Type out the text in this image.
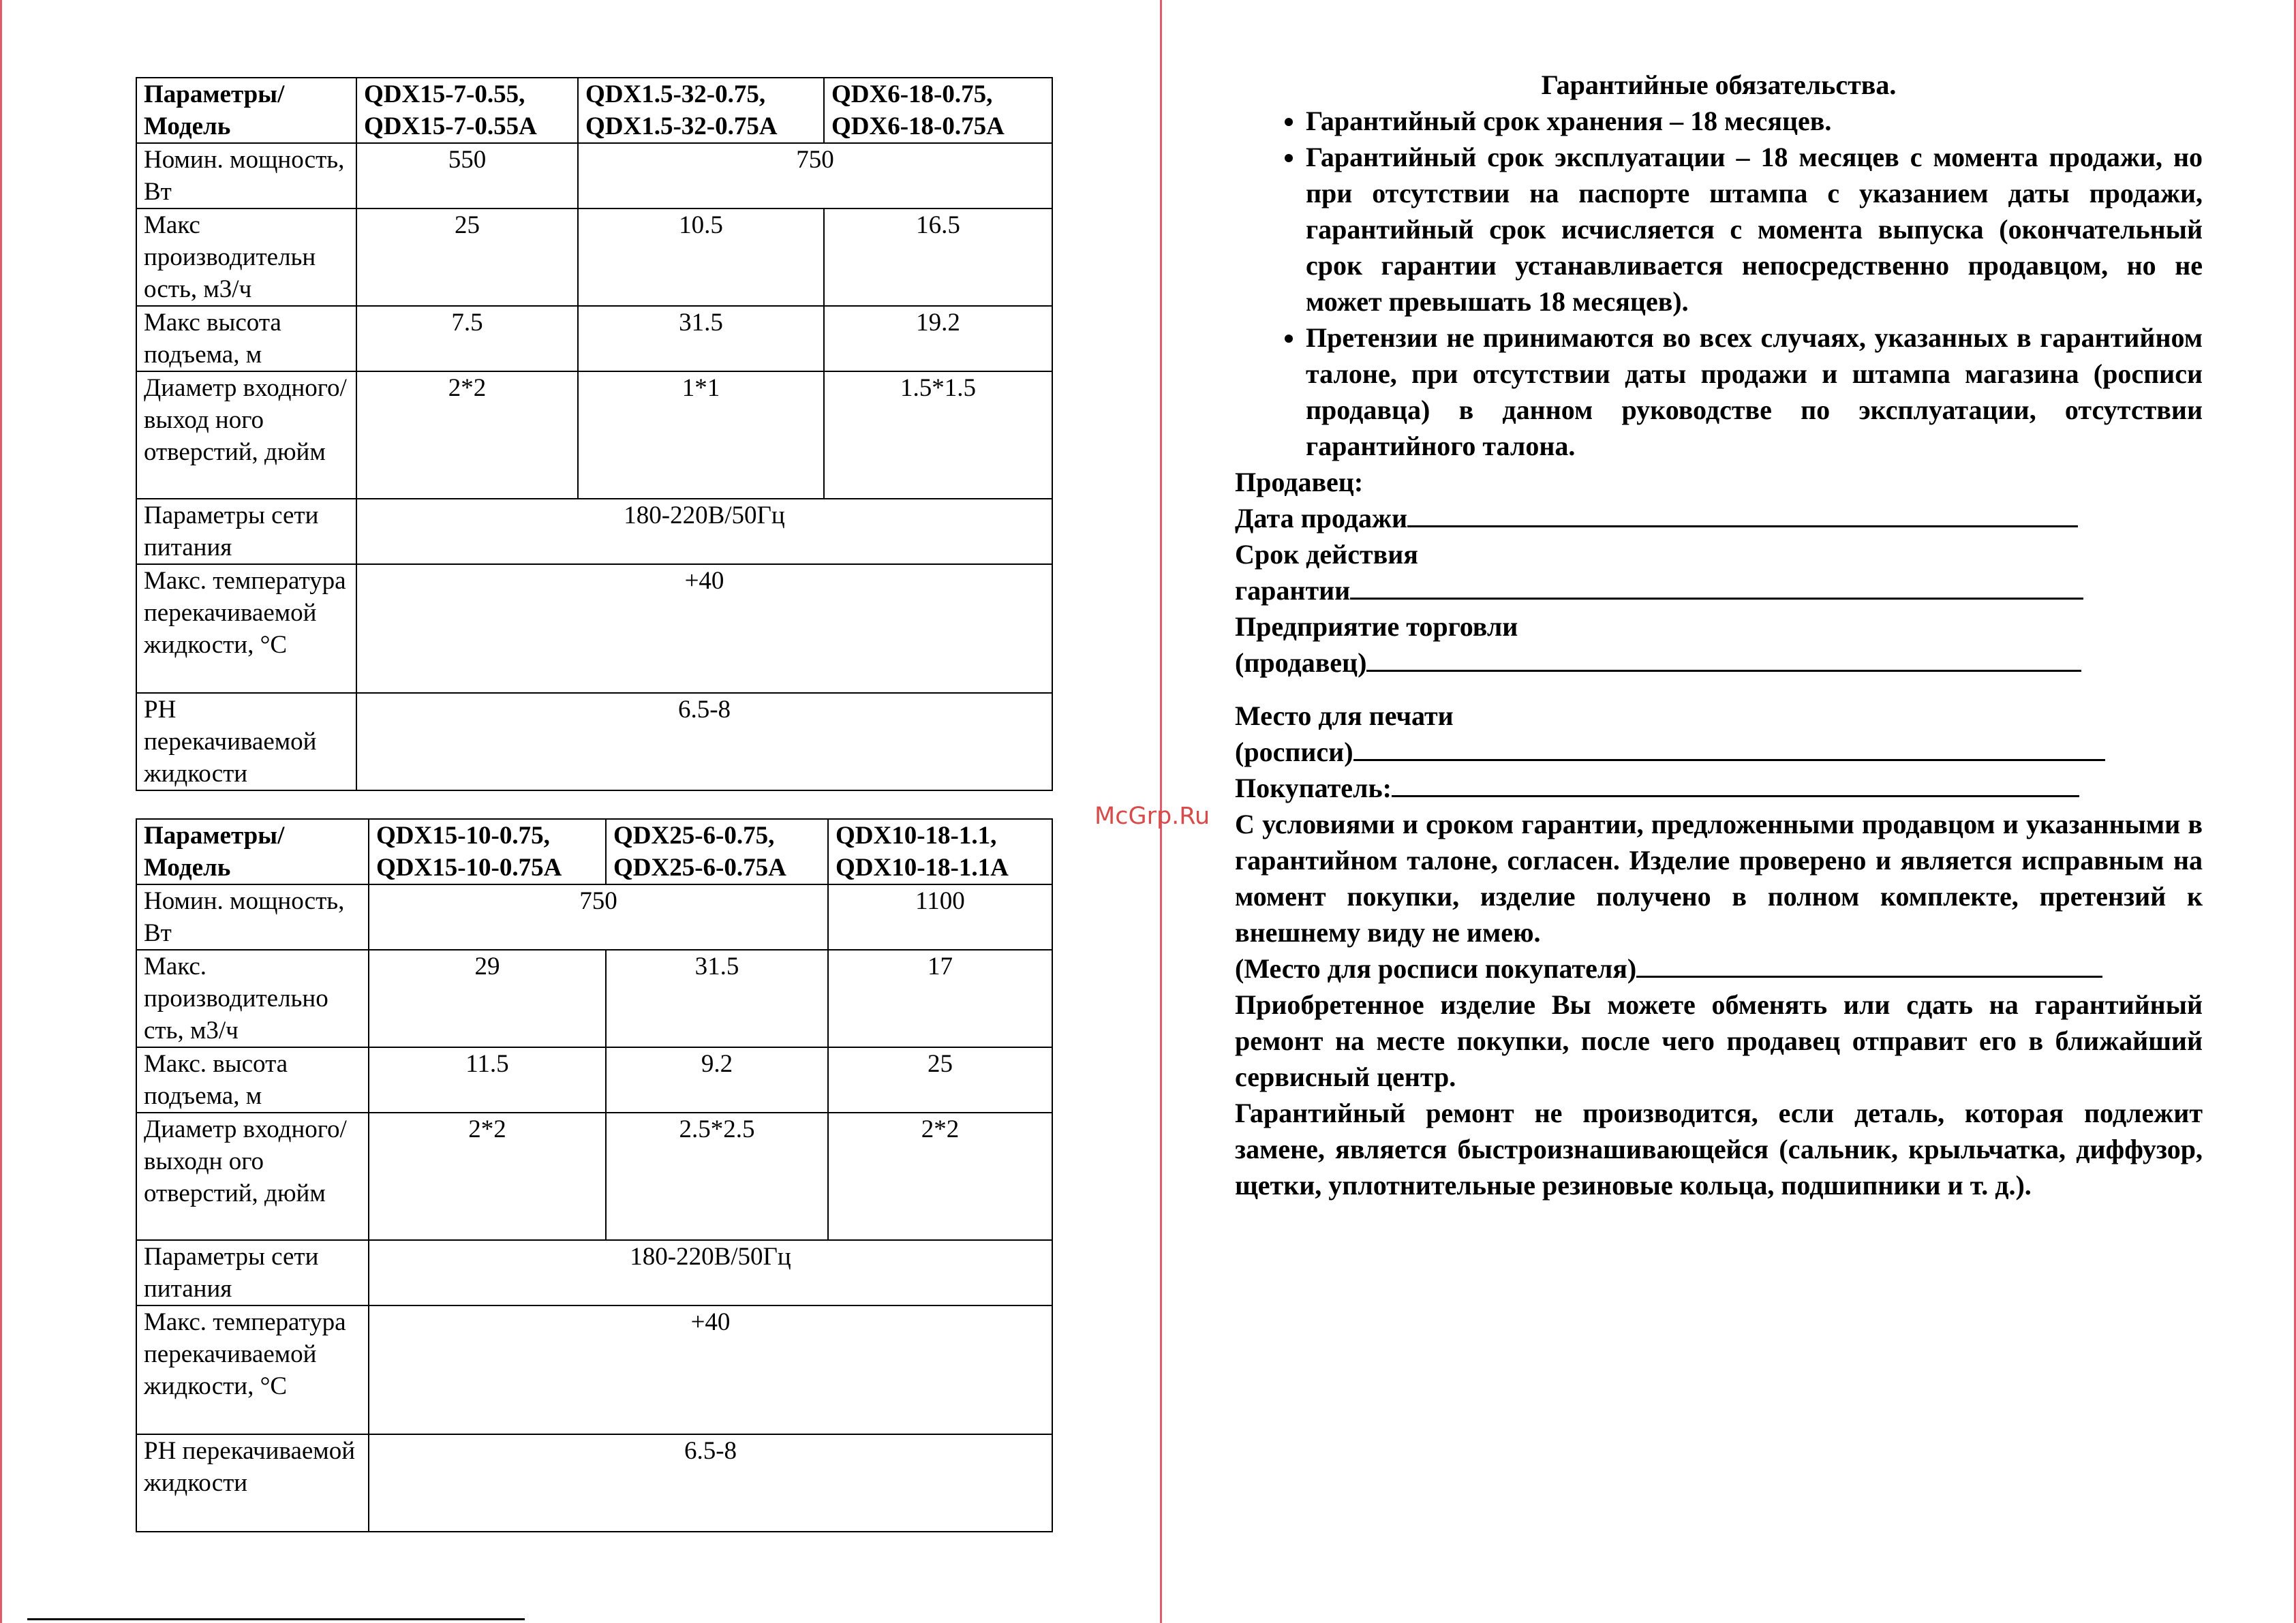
Параметры/ Модель	QDX15-7-0.55, QDX15-7-0.55A	QDX1.5-32-0.75, QDX1.5-32-0.75A	QDX6-18-0.75, QDX6-18-0.75A
Номин. мощность, Вт	550	750	
Макс производительн ость, м3/ч	25	10.5	16.5
Макс высота подъема, м	7.5	31.5	19.2
Диаметр входного/выход ного отверстий, дюйм	2*2	1*1	1.5*1.5
Параметры сети питания	180-220В/50Гц		
Макс. температура перекачиваемой жидкости, °С	+40		
РН перекачиваемой жидкости	6.5-8		
Параметры/ Модель	QDX15-10-0.75, QDX15-10-0.75A	QDX25-6-0.75, QDX25-6-0.75A	QDX10-18-1.1, QDX10-18-1.1A
Номин. мощность, Вт	750		1100
Макс. производительно сть, м3/ч	29	31.5	17
Макс. высота подъема, м	11.5	9.2	25
Диаметр входного/выходн ого отверстий, дюйм	2*2	2.5*2.5	2*2
Параметры сети питания	180-220В/50Гц		
Макс. температура перекачиваемой жидкости, °С	+40		
РН перекачиваемой жидкости	6.5-8		

Гарантийные обязательства.

• Гарантийный срок хранения – 18 месяцев.
• Гарантийный срок эксплуатации – 18 месяцев с момента продажи, но при отсутствии на паспорте штампа с указанием даты продажи, гарантийный срок исчисляется с момента выпуска (окончательный срок гарантии устанавливается непосредственно продавцом, но не может превышать 18 месяцев).
• Претензии не принимаются во всех случаях, указанных в гарантийном талоне, при отсутствии даты продажи и штампа магазина (росписи продавца) в данном руководстве по эксплуатации, отсутствии гарантийного талона.

Продавец:

Дата продажи

Срок действия

гарантии

Предприятие торговли

(продавец)

Место для печати

(росписи)

Покупатель:

С условиями и сроком гарантии, предложенными продавцом и указанными в гарантийном талоне, согласен. Изделие проверено и является исправным на момент покупки, изделие получено в полном комплекте, претензий к внешнему виду не имею.

(Место для росписи покупателя)

Приобретенное изделие Вы можете обменять или сдать на гарантийный ремонт на месте покупки, после чего продавец отправит его в ближайший сервисный центр.

Гарантийный ремонт не производится, если деталь, которая подлежит замене, является быстроизнашивающейся (сальник, крыльчатка, диффузор, щетки, уплотнительные резиновые кольца, подшипники и т. д.).

McGrp.Ru
